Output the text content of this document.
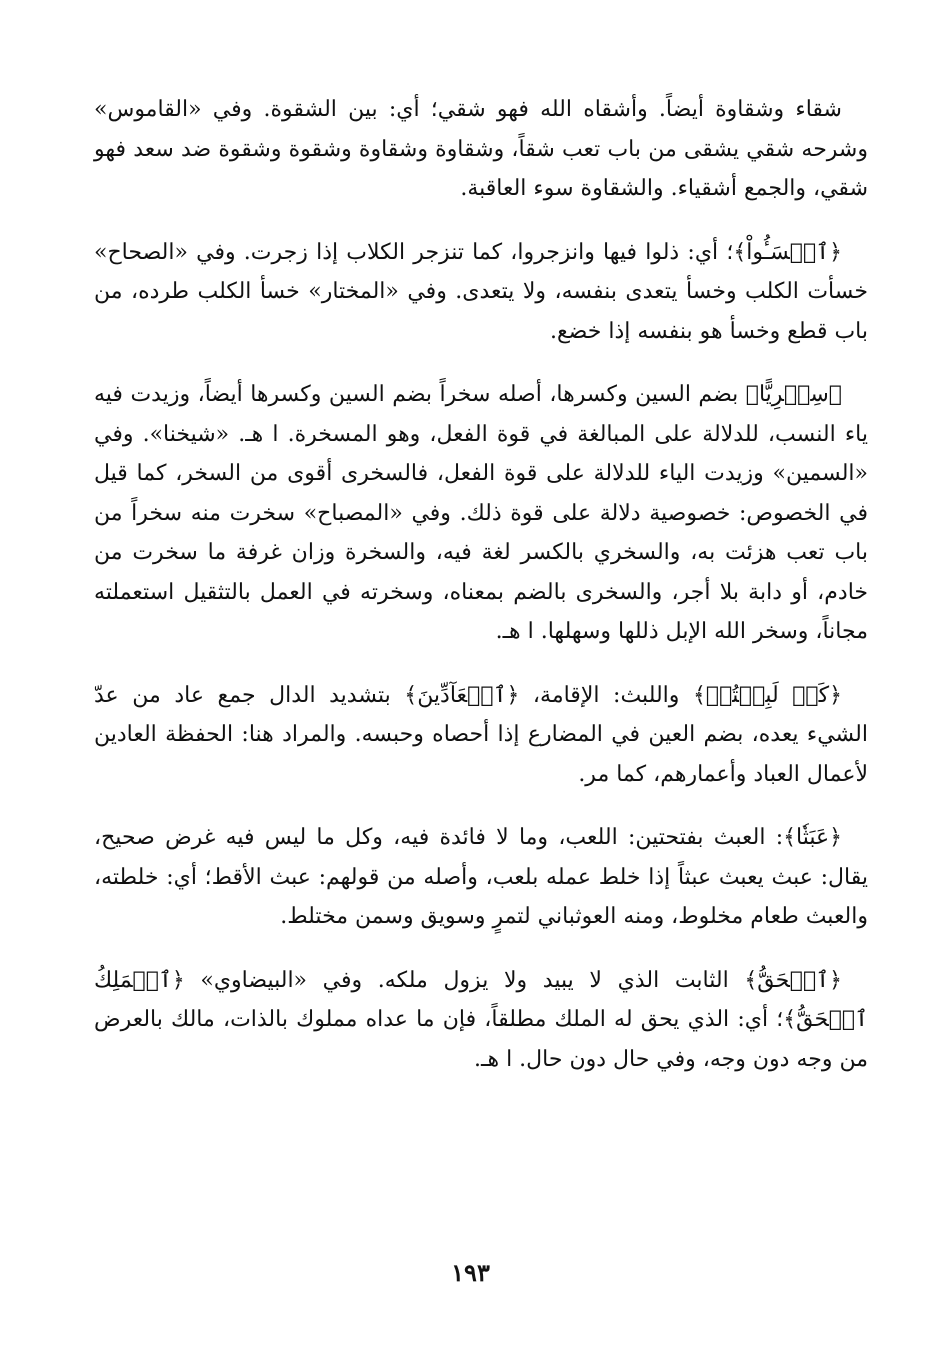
شقاء وشقاوة أيضاً. وأشقاه الله فهو شقي؛ أي: بين الشقوة. وفي «القاموس» وشرحه شقي يشقى من باب تعب شقاً، وشقاوة وشقاوة وشقوة وشقوة ضد سعد فهو شقي، والجمع أشقياء. والشقاوة سوء العاقبة.

﴿ٱخۡسَـُٔواْ﴾؛ أي: ذلوا فيها وانزجروا، كما تنزجر الكلاب إذا زجرت. وفي «الصحاح» خسأت الكلب وخسأ يتعدى بنفسه، ولا يتعدى. وفي «المختار» خسأ الكلب طرده، من باب قطع وخسأ هو بنفسه إذا خضع.

﴿سِخۡرِيًّا﴾ بضم السين وكسرها، أصله سخراً بضم السين وكسرها أيضاً، وزيدت فيه ياء النسب، للدلالة على المبالغة في قوة الفعل، وهو المسخرة. ا هـ. «شيخنا». وفي «السمين» وزيدت الياء للدلالة على قوة الفعل، فالسخرى أقوى من السخر، كما قيل في الخصوص: خصوصية دلالة على قوة ذلك. وفي «المصباح» سخرت منه سخراً من باب تعب هزئت به، والسخري بالكسر لغة فيه، والسخرة وزان غرفة ما سخرت من خادم، أو دابة بلا أجر، والسخرى بالضم بمعناه، وسخرته في العمل بالتثقيل استعملته مجاناً، وسخر الله الإبل ذللها وسهلها. ا هـ.

﴿كَمۡ لَبِثۡتُمۡ﴾ واللبث: الإقامة، ﴿ٱلۡعَآدِّينَ﴾ بتشديد الدال جمع عاد من عدّ الشيء يعده، بضم العين في المضارع إذا أحصاه وحبسه. والمراد هنا: الحفظة العادين لأعمال العباد وأعمارهم، كما مر.

﴿عَبَثٗا﴾: العبث بفتحتين: اللعب، وما لا فائدة فيه، وكل ما ليس فيه غرض صحيح، يقال: عبث يعبث عبثاً إذا خلط عمله بلعب، وأصله من قولهم: عبث الأقط؛ أي: خلطته، والعبث طعام مخلوط، ومنه العوثباني لتمرٍ وسويق وسمن مختلط.

﴿ٱلۡحَقُّ﴾ الثابت الذي لا يبيد ولا يزول ملكه. وفي «البيضاوي» ﴿ٱلۡمَلِكُ ٱلۡحَقُّ﴾؛ أي: الذي يحق له الملك مطلقاً، فإن ما عداه مملوك بالذات، مالك بالعرض من وجه دون وجه، وفي حال دون حال. ا هـ.

١٩٣
